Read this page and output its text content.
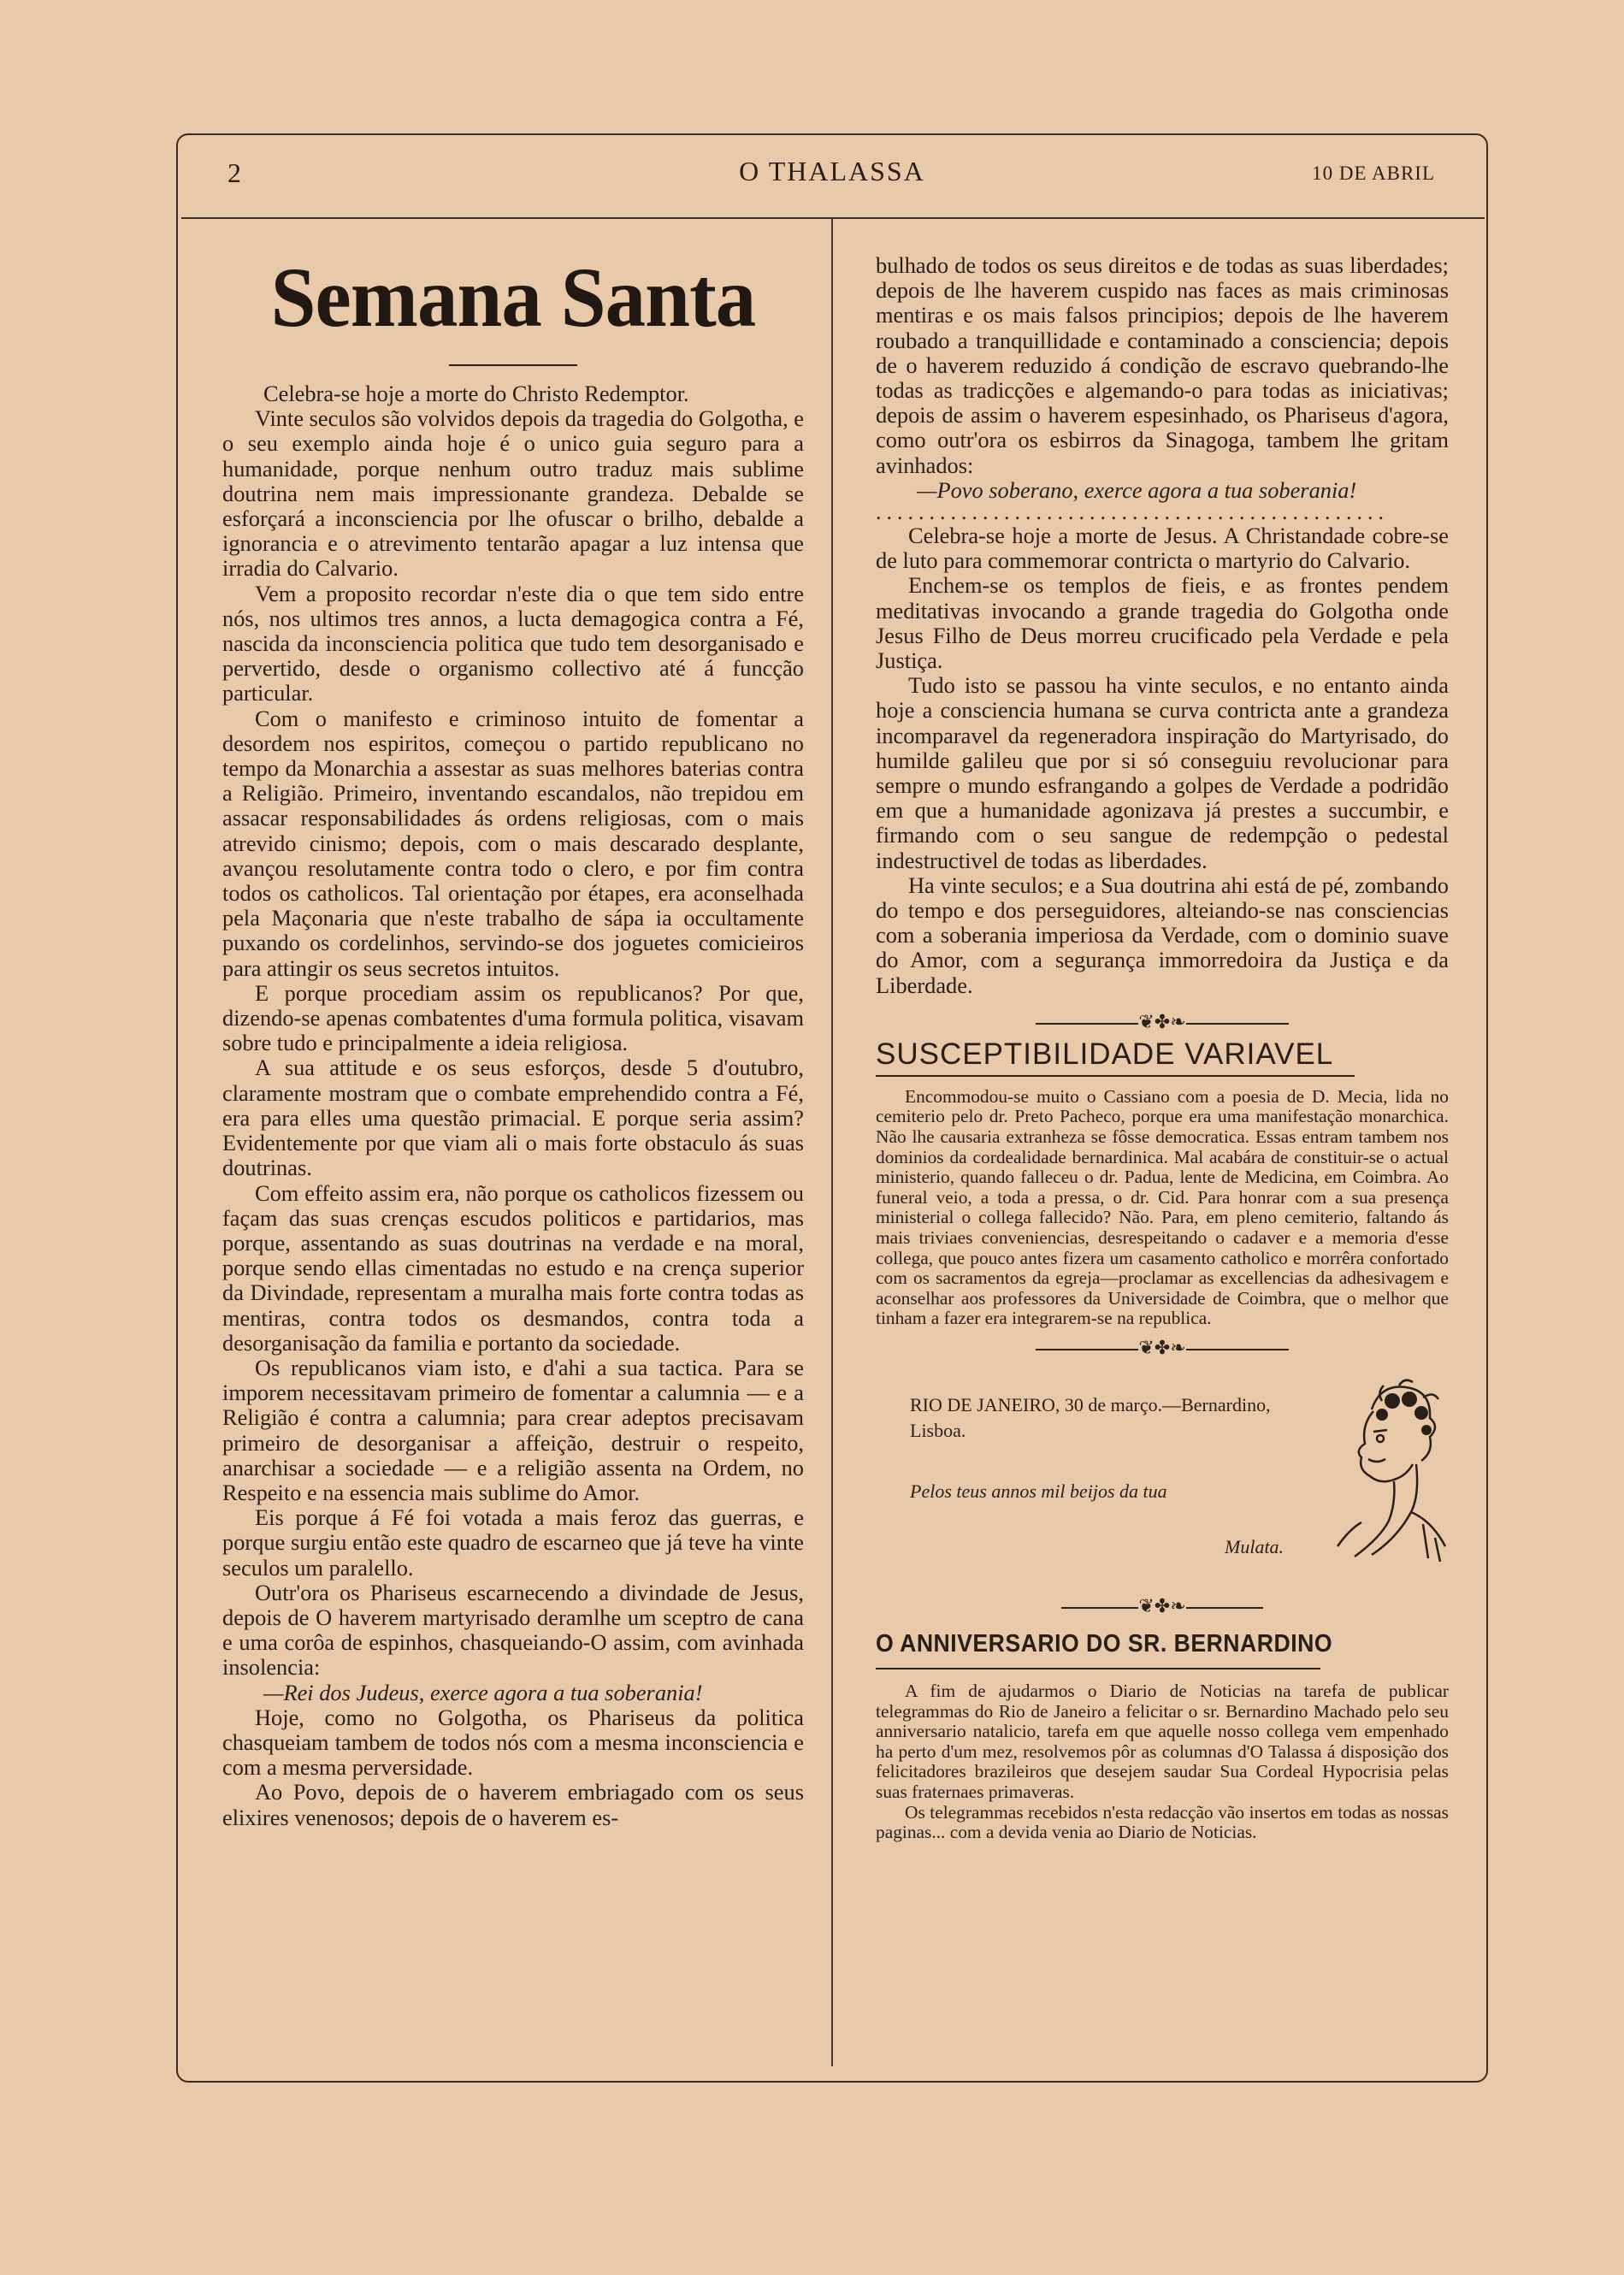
2	O THALASSA	10 DE ABRIL
Semana Santa

Celebra-se hoje a morte do Christo Redemptor.

Vinte seculos são volvidos depois da tragedia do Golgotha, e o seu exemplo ainda hoje é o unico guia seguro para a humanidade, porque nenhum outro traduz mais sublime doutrina nem mais impressionante grandeza. Debalde se esforçará a inconsciencia por lhe ofuscar o brilho, debalde a ignorancia e o atrevimento tentarão apagar a luz intensa que irradia do Calvario.

Vem a proposito recordar n'este dia o que tem sido entre nós, nos ultimos tres annos, a lucta demagogica contra a Fé, nascida da inconsciencia politica que tudo tem desorganisado e pervertido, desde o organismo collectivo até á funcção particular.

Com o manifesto e criminoso intuito de fomentar a desordem nos espiritos, começou o partido republicano no tempo da Monarchia a assestar as suas melhores baterias contra a Religião. Primeiro, inventando escandalos, não trepidou em assacar responsabilidades ás ordens religiosas, com o mais atrevido cinismo; depois, com o mais descarado desplante, avançou resolutamente contra todo o clero, e por fim contra todos os catholicos. Tal orientação por étapes, era aconselhada pela Maçonaria que n'este trabalho de sápa ia occultamente puxando os cordelinhos, servindo-se dos joguetes comicieiros para attingir os seus secretos intuitos.

E porque procediam assim os republicanos? Por que, dizendo-se apenas combatentes d'uma formula politica, visavam sobre tudo e principalmente a ideia religiosa.

A sua attitude e os seus esforços, desde 5 d'outubro, claramente mostram que o combate emprehendido contra a Fé, era para elles uma questão primacial. E porque seria assim? Evidentemente por que viam ali o mais forte obstaculo ás suas doutrinas.

Com effeito assim era, não porque os catholicos fizessem ou façam das suas crenças escudos politicos e partidarios, mas porque, assentando as suas doutrinas na verdade e na moral, porque sendo ellas cimentadas no estudo e na crença superior da Divindade, representam a muralha mais forte contra todas as mentiras, contra todos os desmandos, contra toda a desorganisação da familia e portanto da sociedade.

Os republicanos viam isto, e d'ahi a sua tactica. Para se imporem necessitavam primeiro de fomentar a calumnia — e a Religião é contra a calumnia; para crear adeptos precisavam primeiro de desorganisar a affeição, destruir o respeito, anarchisar a sociedade — e a religião assenta na Ordem, no Respeito e na essencia mais sublime do Amor.

Eis porque á Fé foi votada a mais feroz das guerras, e porque surgiu então este quadro de escarneo que já teve ha vinte seculos um paralello.

Outr'ora os Phariseus escarnecendo a divindade de Jesus, depois de O haverem martyrisado deramlhe um sceptro de cana e uma corôa de espinhos, chasqueiando-O assim, com avinhada insolencia:

—Rei dos Judeus, exerce agora a tua soberania!

Hoje, como no Golgotha, os Phariseus da politica chasqueiam tambem de todos nós com a mesma inconsciencia e com a mesma perversidade.

Ao Povo, depois de o haverem embriagado com os seus elixires venenosos; depois de o haverem es-

bulhado de todos os seus direitos e de todas as suas liberdades; depois de lhe haverem cuspido nas faces as mais criminosas mentiras e os mais falsos principios; depois de lhe haverem roubado a tranquillidade e contaminado a consciencia; depois de o haverem reduzido á condição de escravo quebrando-lhe todas as tradicções e algemando-o para todas as iniciativas; depois de assim o haverem espesinhado, os Phariseus d'agora, como outr'ora os esbirros da Sinagoga, tambem lhe gritam avinhados:

—Povo soberano, exerce agora a tua soberania!

................................................

Celebra-se hoje a morte de Jesus. A Christandade cobre-se de luto para commemorar contricta o martyrio do Calvario.

Enchem-se os templos de fieis, e as frontes pendem meditativas invocando a grande tragedia do Golgotha onde Jesus Filho de Deus morreu crucificado pela Verdade e pela Justiça.

Tudo isto se passou ha vinte seculos, e no entanto ainda hoje a consciencia humana se curva contricta ante a grandeza incomparavel da regeneradora inspiração do Martyrisado, do humilde galileu que por si só conseguiu revolucionar para sempre o mundo esfrangando a golpes de Verdade a podridão em que a humanidade agonizava já prestes a succumbir, e firmando com o seu sangue de redempção o pedestal indestructivel de todas as liberdades.

Ha vinte seculos; e a Sua doutrina ahi está de pé, zombando do tempo e dos perseguidores, alteiando-se nas consciencias com a soberania imperiosa da Verdade, com o dominio suave do Amor, com a segurança immorredoira da Justiça e da Liberdade.

❦✤❧
SUSCEPTIBILIDADE VARIAVEL

Encommodou-se muito o Cassiano com a poesia de D. Mecia, lida no cemiterio pelo dr. Preto Pacheco, porque era uma manifestação monarchica. Não lhe causaria extranheza se fôsse democratica. Essas entram tambem nos dominios da cordealidade bernardinica. Mal acabára de constituir-se o actual ministerio, quando falleceu o dr. Padua, lente de Medicina, em Coimbra. Ao funeral veio, a toda a pressa, o dr. Cid. Para honrar com a sua presença ministerial o collega fallecido? Não. Para, em pleno cemiterio, faltando ás mais triviaes conveniencias, desrespeitando o cadaver e a memoria d'esse collega, que pouco antes fizera um casamento catholico e morrêra confortado com os sacramentos da egreja—proclamar as excellencias da adhesivagem e aconselhar aos professores da Universidade de Coimbra, que o melhor que tinham a fazer era integrarem-se na republica.

❦✤❧
RIO DE JANEIRO, 30 de março.—Bernardino, Lisboa.
Pelos teus annos mil beijos da tua
Mulata.
❦✤❧
O ANNIVERSARIO DO SR. BERNARDINO

A fim de ajudarmos o Diario de Noticias na tarefa de publicar telegrammas do Rio de Janeiro a felicitar o sr. Bernardino Machado pelo seu anniversario natalicio, tarefa em que aquelle nosso collega vem empenhado ha perto d'um mez, resolvemos pôr as columnas d'O Talassa á disposição dos felicitadores brazileiros que desejem saudar Sua Cordeal Hypocrisia pelas suas fraternaes primaveras.

Os telegrammas recebidos n'esta redacção vão insertos em todas as nossas paginas... com a devida venia ao Diario de Noticias.
